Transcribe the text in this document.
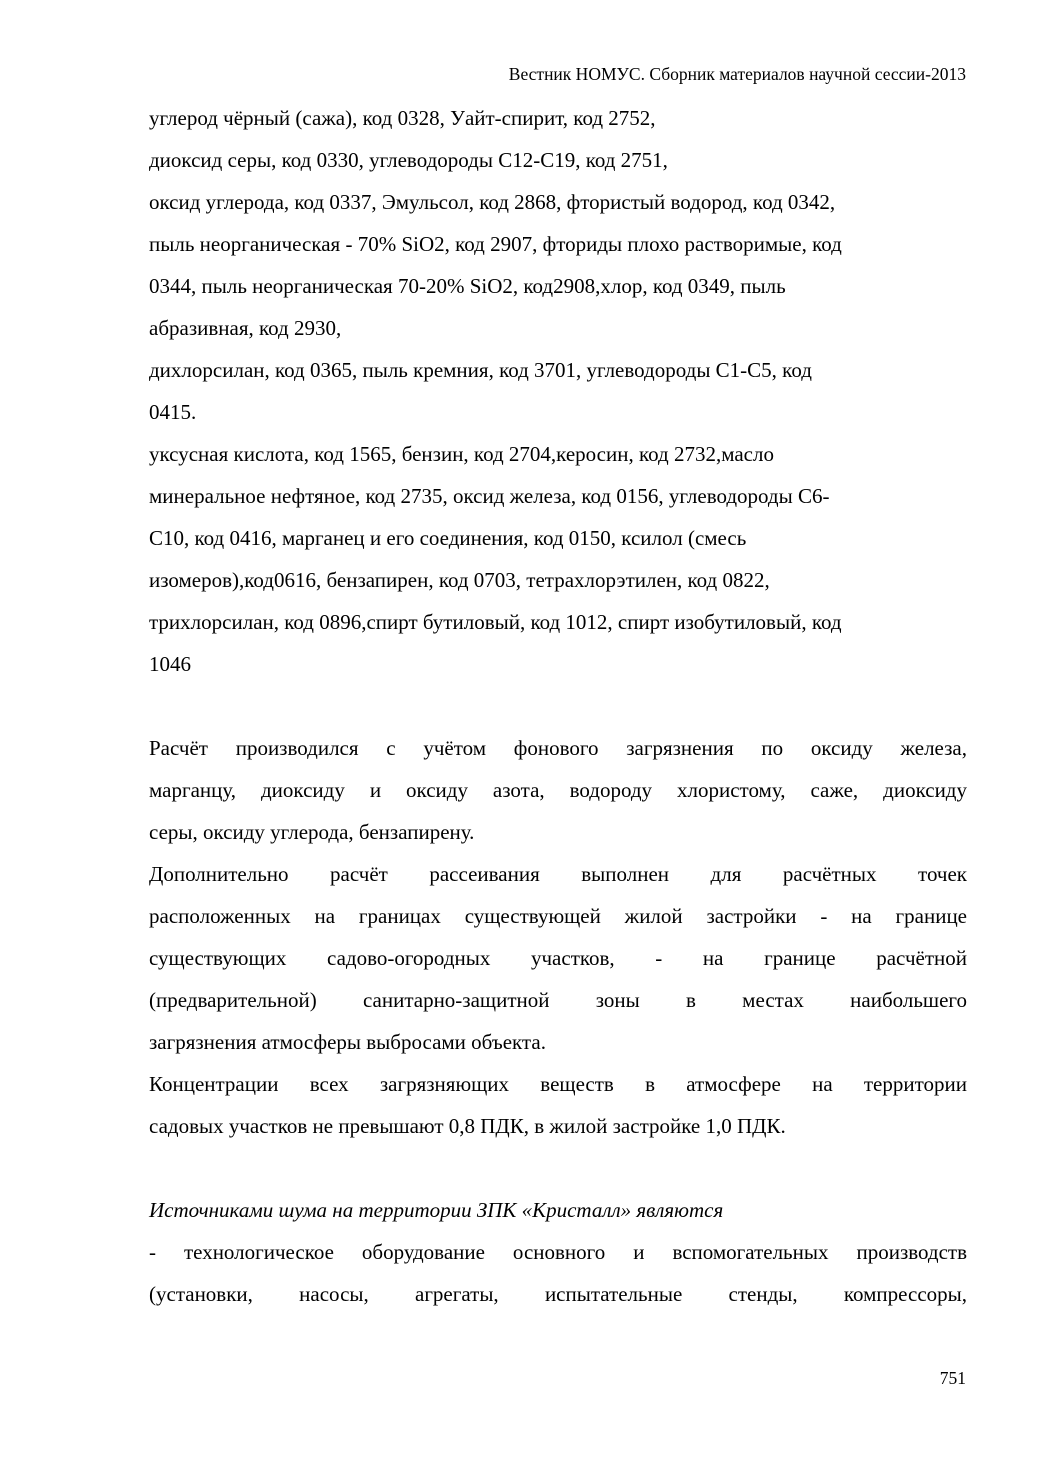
Вестник НОМУС. Сборник материалов научной сессии-2013
углерод чёрный (сажа), код 0328, Уайт-спирит, код 2752,
диоксид серы, код 0330, углеводороды С12-С19, код 2751,
оксид углерода, код 0337, Эмульсол, код 2868, фтористый водород, код 0342,
пыль неорганическая - 70% SiO2, код 2907, фториды плохо растворимые, код
0344, пыль неорганическая 70-20% SiO2, код2908,хлор, код 0349, пыль
абразивная, код 2930,
дихлорсилан, код 0365, пыль кремния, код 3701, углеводороды С1-С5, код
0415.
уксусная кислота, код 1565, бензин, код 2704,керосин, код 2732,масло
минеральное нефтяное, код 2735, оксид железа, код 0156, углеводороды С6-
С10, код 0416, марганец и его соединения, код 0150, ксилол (смесь
изомеров),код0616, бензапирен, код 0703, тетрахлорэтилен, код 0822,
трихлорсилан, код 0896,спирт бутиловый, код 1012, спирт изобутиловый, код
1046
Расчёт производился с учётом фонового загрязнения по оксиду железа,
марганцу, диоксиду и оксиду азота, водороду хлористому, саже, диоксиду
серы, оксиду углерода, бензапирену.
Дополнительно расчёт рассеивания выполнен для расчётных точек
расположенных на границах существующей жилой застройки - на границе
существующих садово-огородных участков, - на границе расчётной
(предварительной) санитарно-защитной зоны в местах наибольшего
загрязнения атмосферы выбросами объекта.
Концентрации всех загрязняющих веществ в атмосфере на территории
садовых участков не превышают 0,8 ПДК, в жилой застройке 1,0 ПДК.
Источниками шума на территории ЗПК «Кристалл» являются
- технологическое оборудование основного и вспомогательных производств
(установки, насосы, агрегаты, испытательные стенды, компрессоры,
751
